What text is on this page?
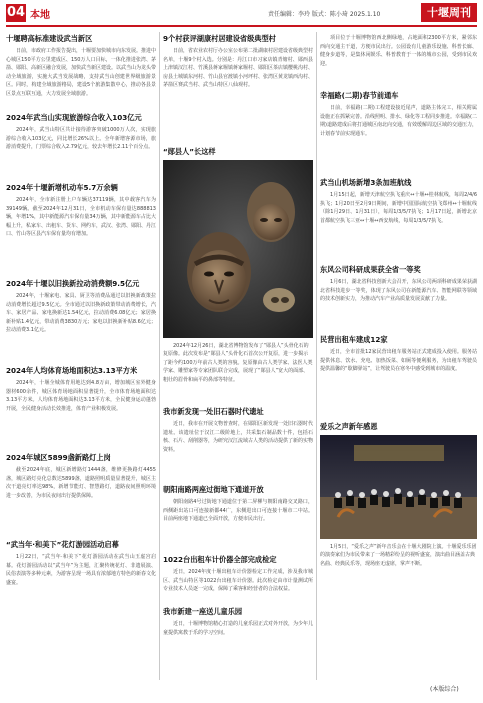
04 本地	责任编辑：李玲 版式：陈小琦 2025.1.10	十堰周刊
十堰聘高标准建设武当新区
日前，市政府工作报告提出，十堰要加快城市向东发展。推进中心城区150平方公里建成区、150万人口目标，一体化推进张湾、茅箭、郧阳、高新区融合发展，加快武当新区建设。以武当山为龙头带动全域旅游，实施大武当发展战略，支持武当山创建世界级旅游景区。同时，构建全域旅游格局，建设5个旅游集散中心，推动各县景区景点互联互通，大力发展全域旅游。
2024年武当山实现旅游综合收入103亿元
2024年，武当山特区共计接待游客突破1000万人次，实现旅游综合收入103亿元，同比增长26%以上。全年新增客源市场，旅游消费提升，门票综合收入2.79亿元，较去年增长2.11个百分点。
2024年十堰新增机动车5.7万余辆
2024年，全市新注册上户车辆达37119辆，其中载客汽车为39149辆。截至2024年12月31日，全市机动车保有量达888813辆，年增1%，其中新能源汽车保有量34万辆，其中新能源车占比大幅上升，私家车、出租车、货车、网约车，武汉、张湾、郧阳、丹江口、竹山等区县汽车保有量均有增加。
2024年十堰以旧换新拉动消费额9.5亿元
2024年，十堰家电、家具、厨卫等消费品通过以旧换新政策拉动消费增长超过9.5亿元。全市通过以旧换新政策带动消费增长，汽车、家居产品、家电换新达1.54亿元，拉动消费6.08亿元；家居换新补贴1.4亿元，带动消费3830万元；家电以旧换新补贴8.6亿元；拉动消费3.1亿元。
2024年人均体育场地面积达3.13平方米
2024年，十堰全城体育用地达到4.8万亩，增加城区室外健身器材600余件，城区体育场地面积显著提升，全市体育场地面积达3.13平方米。人均体育场地面积达3.13平方米，全民健身运动蓬勃开展，全民健身活动长效推进，体育产业积极发展。
2024年城区5899盏新路灯上岗
截至2024年底，城区新增路灯1444盏，维修更换路灯4455盏，城区路灯亮化总数达5899盏，道路照明质量显著提升，城区主次干道亮灯率达98%，新增节能灯、智慧路灯，道路夜间照明环境进一步改善，为市民夜间出行提供保障。
“武当年·和美下”花灯游园活动启幕
1月22日，“武当年·和美下”花灯游园活动在武当山玉虚宫启幕。花灯游园活动以“武当年”为主题，汇聚传统花灯、非遗展演、民俗表演等多种元素，为游客呈现一场具有浓郁地方特色的新春文化盛宴。
9个村获评湖康村居建设省级典型村
日前，省农业农村厅办公室公布第二批湖康村居建设省级典型村名单，十堰9个村入选。分别是：丹江口市习家店镇青塘村、郧西县上津镇汉江村、竹溪县蒋家堰镇蒋家堰村、郧阳区茶店镇樱桃沟村、房县土城镇东河村、竹山县官渡镇小河坪村、张湾区黄龙镇西沟村、茅箭区赛武当村、武当山特区八仙观村。
“郧县人”长这样
2024年12月26日，湖北省博物馆发布了“郧县人”头骨化石的复原像。此次发布是“郧县人”头骨化石首次公开复原，进一步揭示了距今约100万年前古人类的容貌。复原像由古人类学家、法医人类学家、雕塑家等专家团队联合完成，展现了“郧县人”宽大的面部、粗壮的眉骨和扁平的鼻部等特征。
我市新发现一处旧石器时代遗址
近日，我市在开展文物普查时，在郧阳区新发现一处旧石器时代遗址。该遗址位于汉江二级阶地上，共采集石制品数十件，包括石核、石片、刮削器等，为研究汉江流域古人类的活动提供了新的实物资料。
朝阳南路两座过街地下通道开放
朝阳南路4号过街地下通道位于第二屏柳与朝阳南路交叉路口，西侧距出站口可连接新都44广，东侧进出口可连接十堰市二中站。目前两座地下通道已全面开放，方便市民出行。
1022台出租车计价器全部完成检定
近日，2024年度十堰出租车计价器检定工作完成，涉及我市城区、武当山特区等1022台出租车计价器。此次检定由市计量测试所专业技术人员逐一完成，保障了乘客和经营者的合法权益。
我市新建一座送儿童乐园
近日，十堰博物馆精心打造的儿童乐园正式对外开放，为少年儿童提供寓教于乐的学习空间。
项目位于十堰博物馆西北侧绿地，占地面积2300平方米，紧邻东西向交通主干道，方便市民出行。公园设有儿童游乐设施、科普长廊、健身步道等，是集休闲娱乐、科普教育于一体的城市公园，受到市民欢迎。
幸福路(二期)春节前通车
日前，幸福路(二期)工程建设接近尾声，道路主体完工，相关附属设施正在抓紧完善。沿线照明、排水、绿化等工程同步推进。幸福路(二期)道路建成后将打通城区南北向交通，有效缓解周边区域的交通压力，计划春节前实现通车。
武当山机场新增3条加班航线
1月15日起，新增天津航空执飞重庆↔十堰↔桂林航线，每周2/4/6执飞；1月20日至2月9日期间，新增中国国际航空执飞郑州↔十堰航线（除1月29日、1月31日），每周1/3/5/7执飞；1月17日起，新增北京首都航空执飞三亚↔十堰↔西安航线，每周1/3/5/7执飞。
东风公司科研成果获全省一等奖
1月6日，湖北省科技创新大会召开，东风公司两项科研成果荣获湖北省科技进步一等奖，体现了东风公司在新能源汽车、智能网联等领域的技术创新实力，为推动汽车产业高质量发展贡献了力量。
民营出租车建成12家
近日，全市首批12家民营出租车服务站正式建成投入使用。服务站提供休息、饮水、充电、加热饭菜、如厕等便利服务，为出租车驾驶员提供温馨的“歇脚驿站”，让驾驶员在寒冬中感受到城市的温度。
爱乐之声新年感恩
1月5日，“爱乐之声”新年音乐会在十堰大剧院上演。十堰爱乐乐团的演奏家们为市民带来了一场精彩纷呈的视听盛宴，演出曲目涵盖古典名曲、经典民乐等，现场座无虚席，掌声不断。
(本版综合)
